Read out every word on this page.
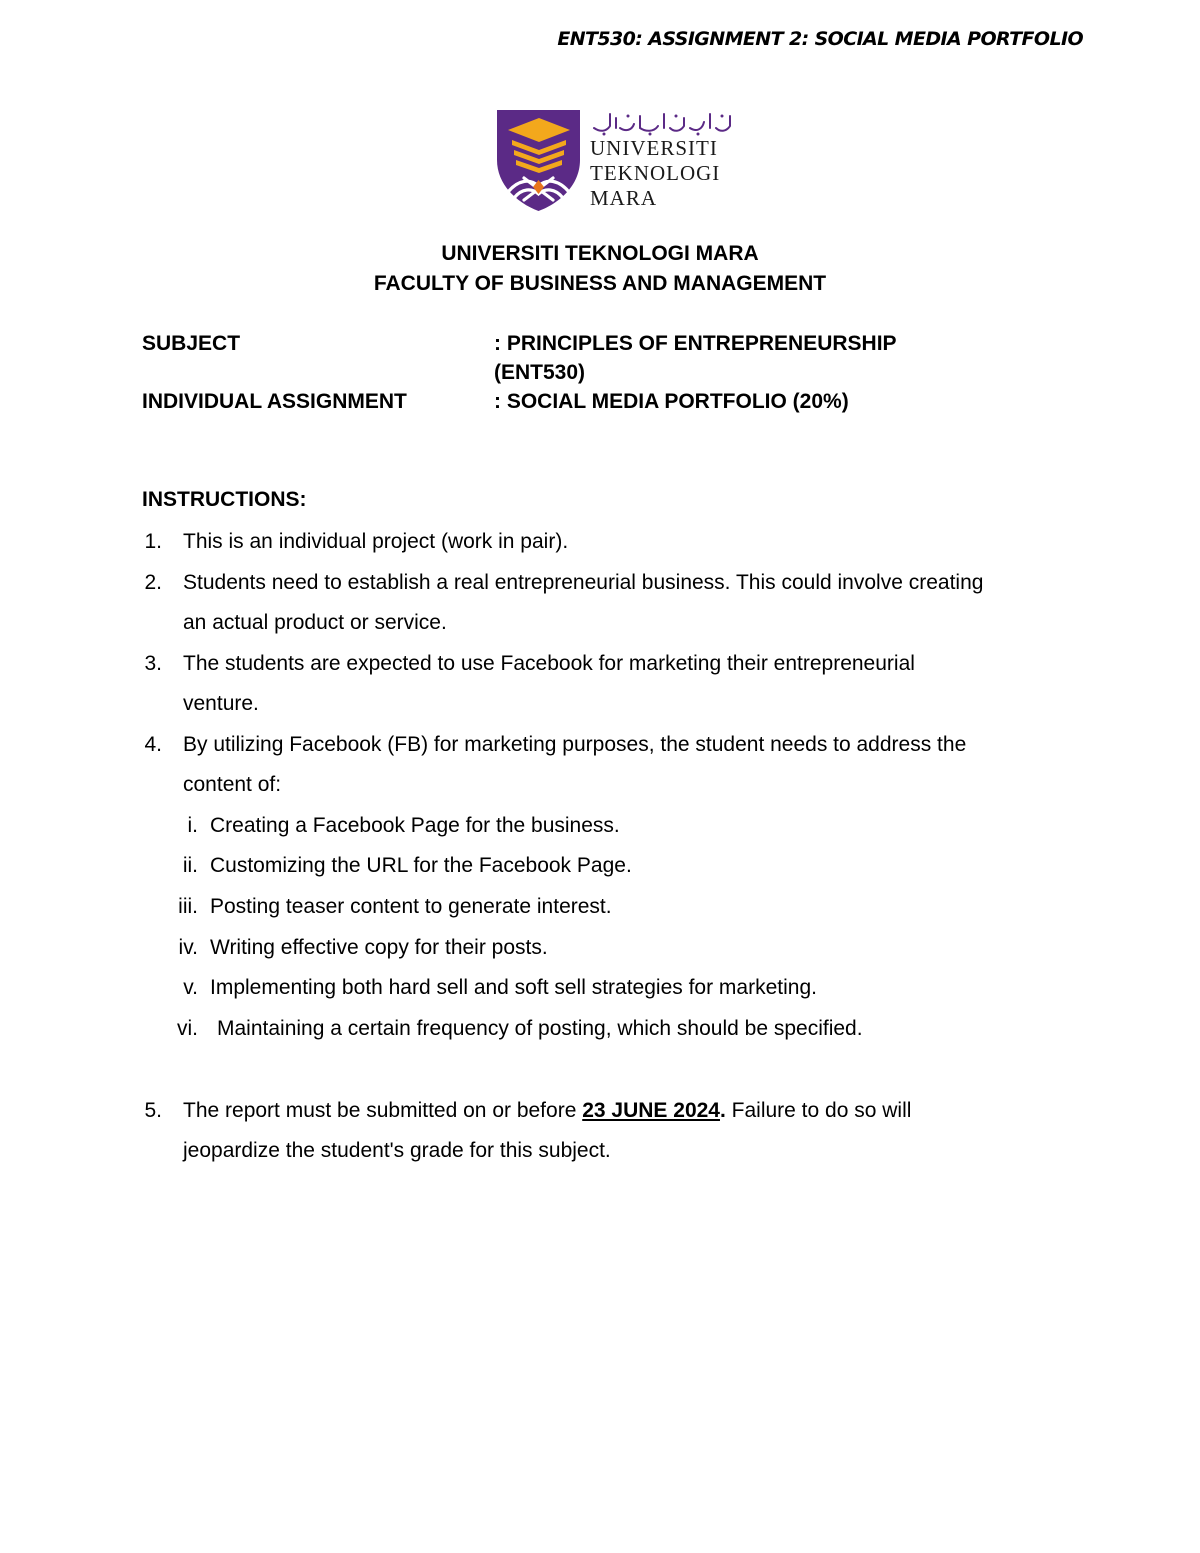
ENT530: ASSIGNMENT 2: SOCIAL MEDIA PORTFOLIO
UNIVERSITI
TEKNOLOGI
MARA
UNIVERSITI TEKNOLOGI MARA
FACULTY OF BUSINESS AND MANAGEMENT
SUBJECT	: PRINCIPLES OF ENTREPRENEURSHIP
(ENT530)
INDIVIDUAL ASSIGNMENT	: SOCIAL MEDIA PORTFOLIO (20%)
INSTRUCTIONS:
1. This is an individual project (work in pair).
2. Students need to establish a real entrepreneurial business. This could involve creating
an actual product or service.
3. The students are expected to use Facebook for marketing their entrepreneurial
venture.
4. By utilizing Facebook (FB) for marketing purposes, the student needs to address the
content of:
i. Creating a Facebook Page for the business.
ii. Customizing the URL for the Facebook Page.
iii. Posting teaser content to generate interest.
iv. Writing effective copy for their posts.
v. Implementing both hard sell and soft sell strategies for marketing.
vi. Maintaining a certain frequency of posting, which should be specified.
5. The report must be submitted on or before 23 JUNE 2024. Failure to do so will
jeopardize the student's grade for this subject.
